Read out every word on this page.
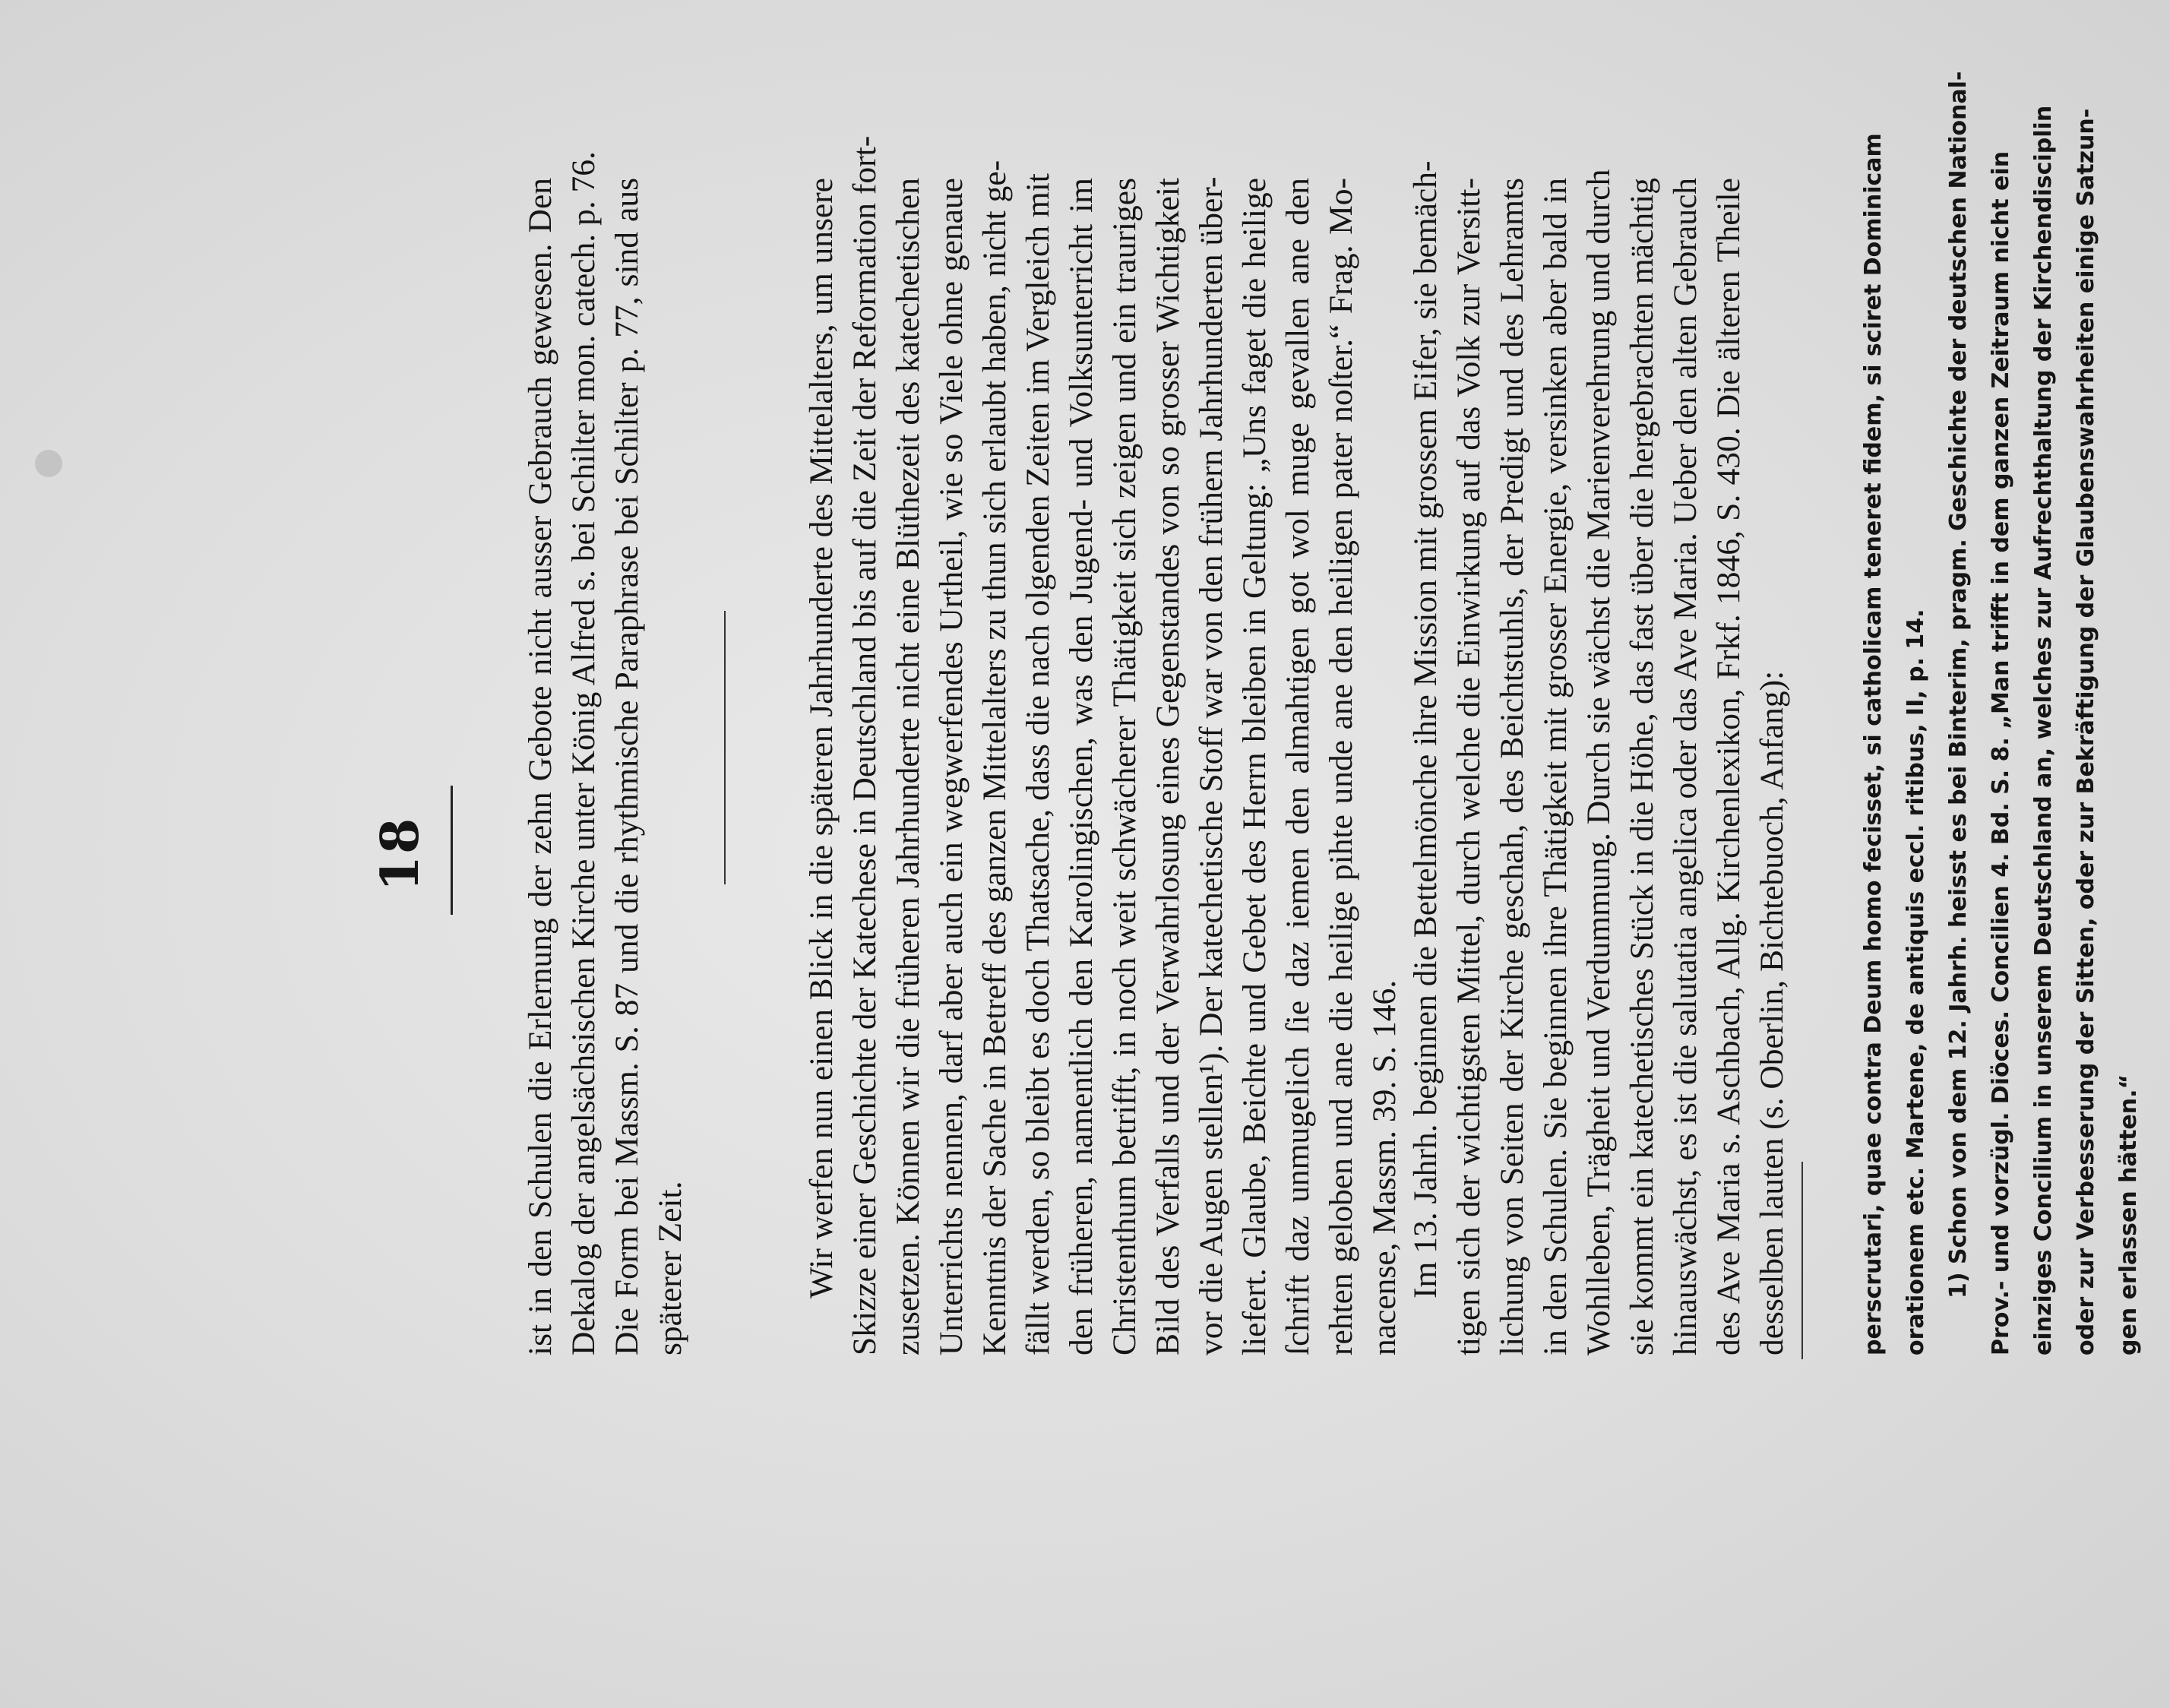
18	ist in den Schulen die Erlernung der zehn Gebote nicht ausser Gebrauch gewesen. Den Dekalog der angelsächsischen Kirche unter König Alfred s. bei Schilter mon. catech. p. 76. Die Form bei Massm. S. 87 und die rhythmische Paraphrase bei Schilter p. 77, sind aus späterer Zeit.	Wir werfen nun einen Blick in die späteren Jahrhunderte des Mittelalters, um unsere Skizze einer Geschichte der Katechese in Deutschland bis auf die Zeit der Reformation fort- zusetzen. Können wir die früheren Jahrhunderte nicht eine Blüthezeit des katechetischen Unterrichts nennen, darf aber auch ein wegwerfendes Urtheil, wie so Viele ohne genaue Kenntnis der Sache in Betreff des ganzen Mittelalters zu thun sich erlaubt haben, nicht ge- fällt werden, so bleibt es doch Thatsache, dass die nach olgenden Zeiten im Vergleich mit den früheren, namentlich den Karolingischen, was den Jugend- und Volksunterricht im Christenthum betrifft, in noch weit schwächerer Thätigkeit sich zeigen und ein trauriges Bild des Verfalls und der Verwahrlosung eines Gegenstandes von so grosser Wichtigkeit vor die Augen stellen¹). Der katechetische Stoff war von den frühern Jahrhunderten über- liefert. Glaube, Beichte und Gebet des Herrn bleiben in Geltung: „Uns faget die heilige ſchrift daz unmugelich ſie daz iemen den almahtigen got wol muge gevallen ane den rehten geloben und ane die heilige pihte unde ane den heiligen pater noſter.“ Frag. Mo- nacense, Massm. 39. S. 146. Im 13. Jahrh. beginnen die Bettelmönche ihre Mission mit grossem Eifer, sie bemäch- tigen sich der wichtigsten Mittel, durch welche die Einwirkung auf das Volk zur Versitt- lichung von Seiten der Kirche geschah, des Beichtstuhls, der Predigt und des Lehramts in den Schulen. Sie beginnen ihre Thätigkeit mit grosser Energie, versinken aber bald in Wohlleben, Trägheit und Verdummung. Durch sie wächst die Marienverehrung und durch sie kommt ein katechetisches Stück in die Höhe, das fast über die hergebrachten mächtig hinauswächst, es ist die salutatia angelica oder das Ave Maria. Ueber den alten Gebrauch des Ave Maria s. Aschbach, Allg. Kirchenlexikon, Frkf. 1846, S. 430. Die älteren Theile desselben lauten (s. Oberlin, Bichtebuoch, Anfang):	perscrutari, quae contra Deum homo fecisset, si catholicam teneret fidem, si sciret Dominicam orationem etc. Martene, de antiquis eccl. ritibus, II, p. 14. 1) Schon von dem 12. Jahrh. heisst es bei Binterim, pragm. Geschichte der deutschen National- Prov.- und vorzügl. Diöces. Concilien 4. Bd. S. 8. „Man trifft in dem ganzen Zeitraum nicht ein einziges Concilium in unserem Deutschland an, welches zur Aufrechthaltung der Kirchendisciplin oder zur Verbesserung der Sitten, oder zur Bekräftigung der Glaubenswahrheiten einige Satzun- gen erlassen hätten.“
